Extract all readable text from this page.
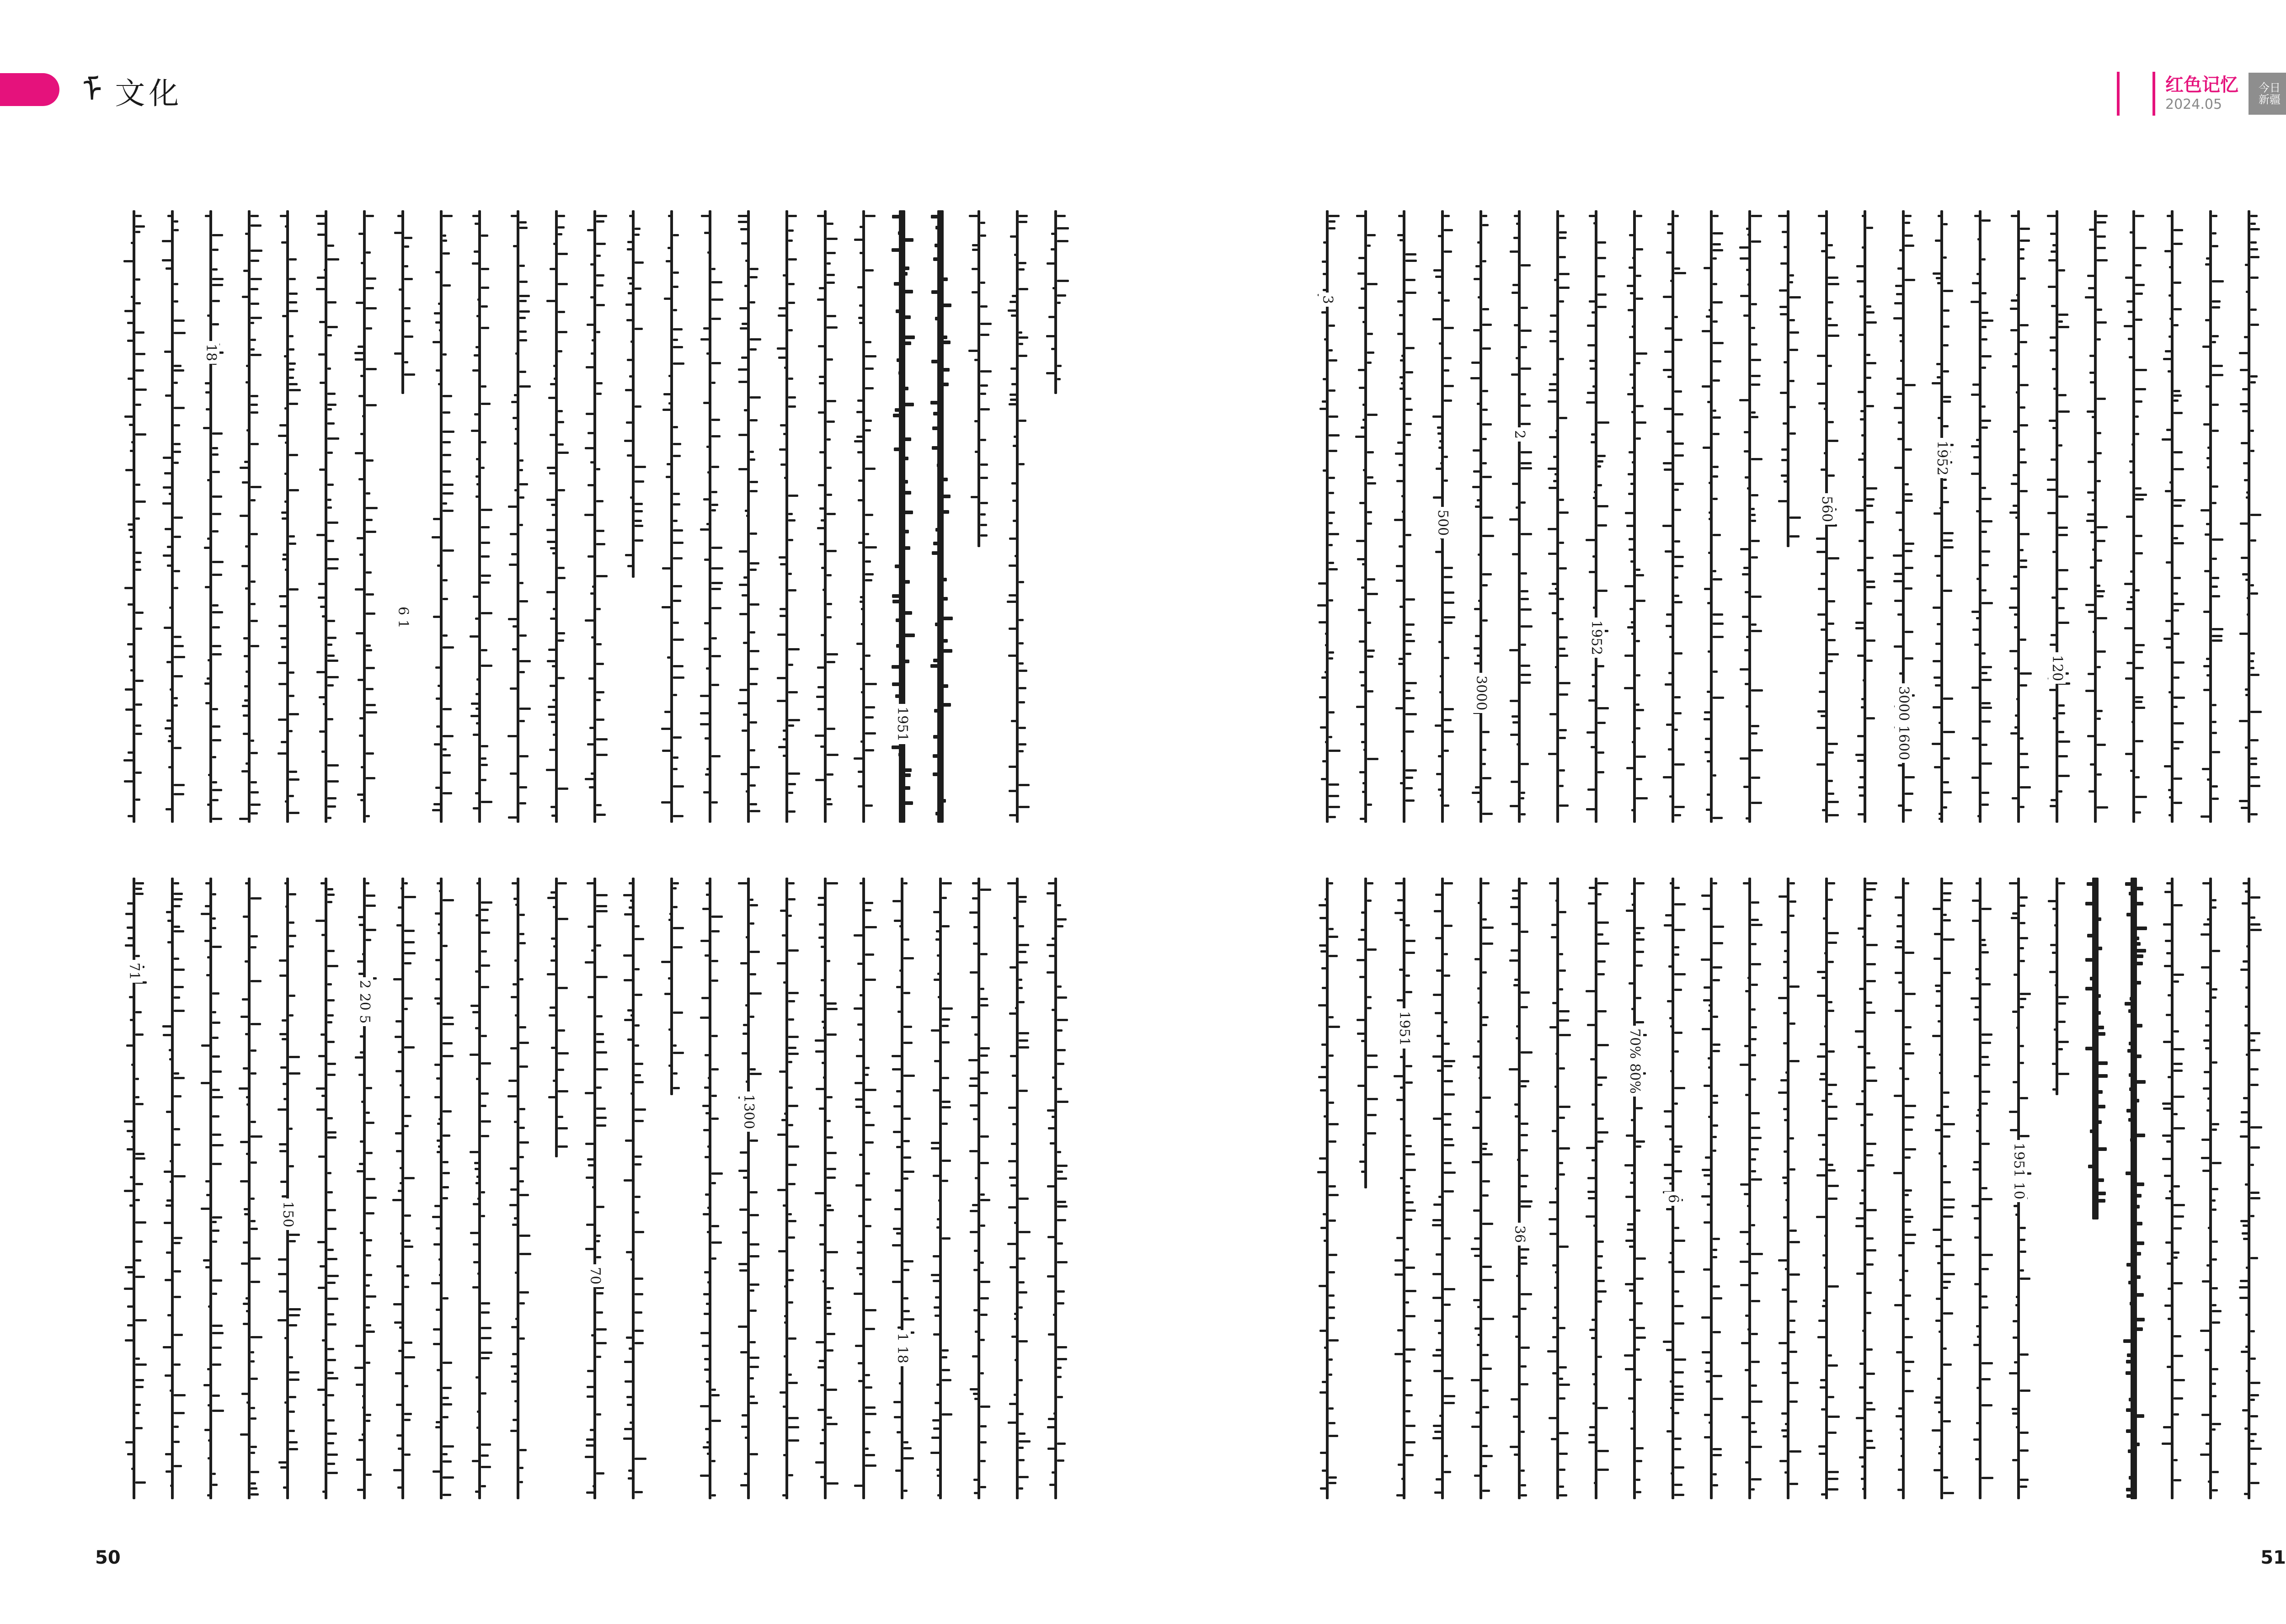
ᠮ 文化	红色记忆
2024.05
今日
新疆
3
500
3000
2
1952
560
3000 1600
1952
120
1951
36
70% 80%
6	1951 10
18
6 1
1951
71
150
2 20 5
70
1300
1 18
50	51
